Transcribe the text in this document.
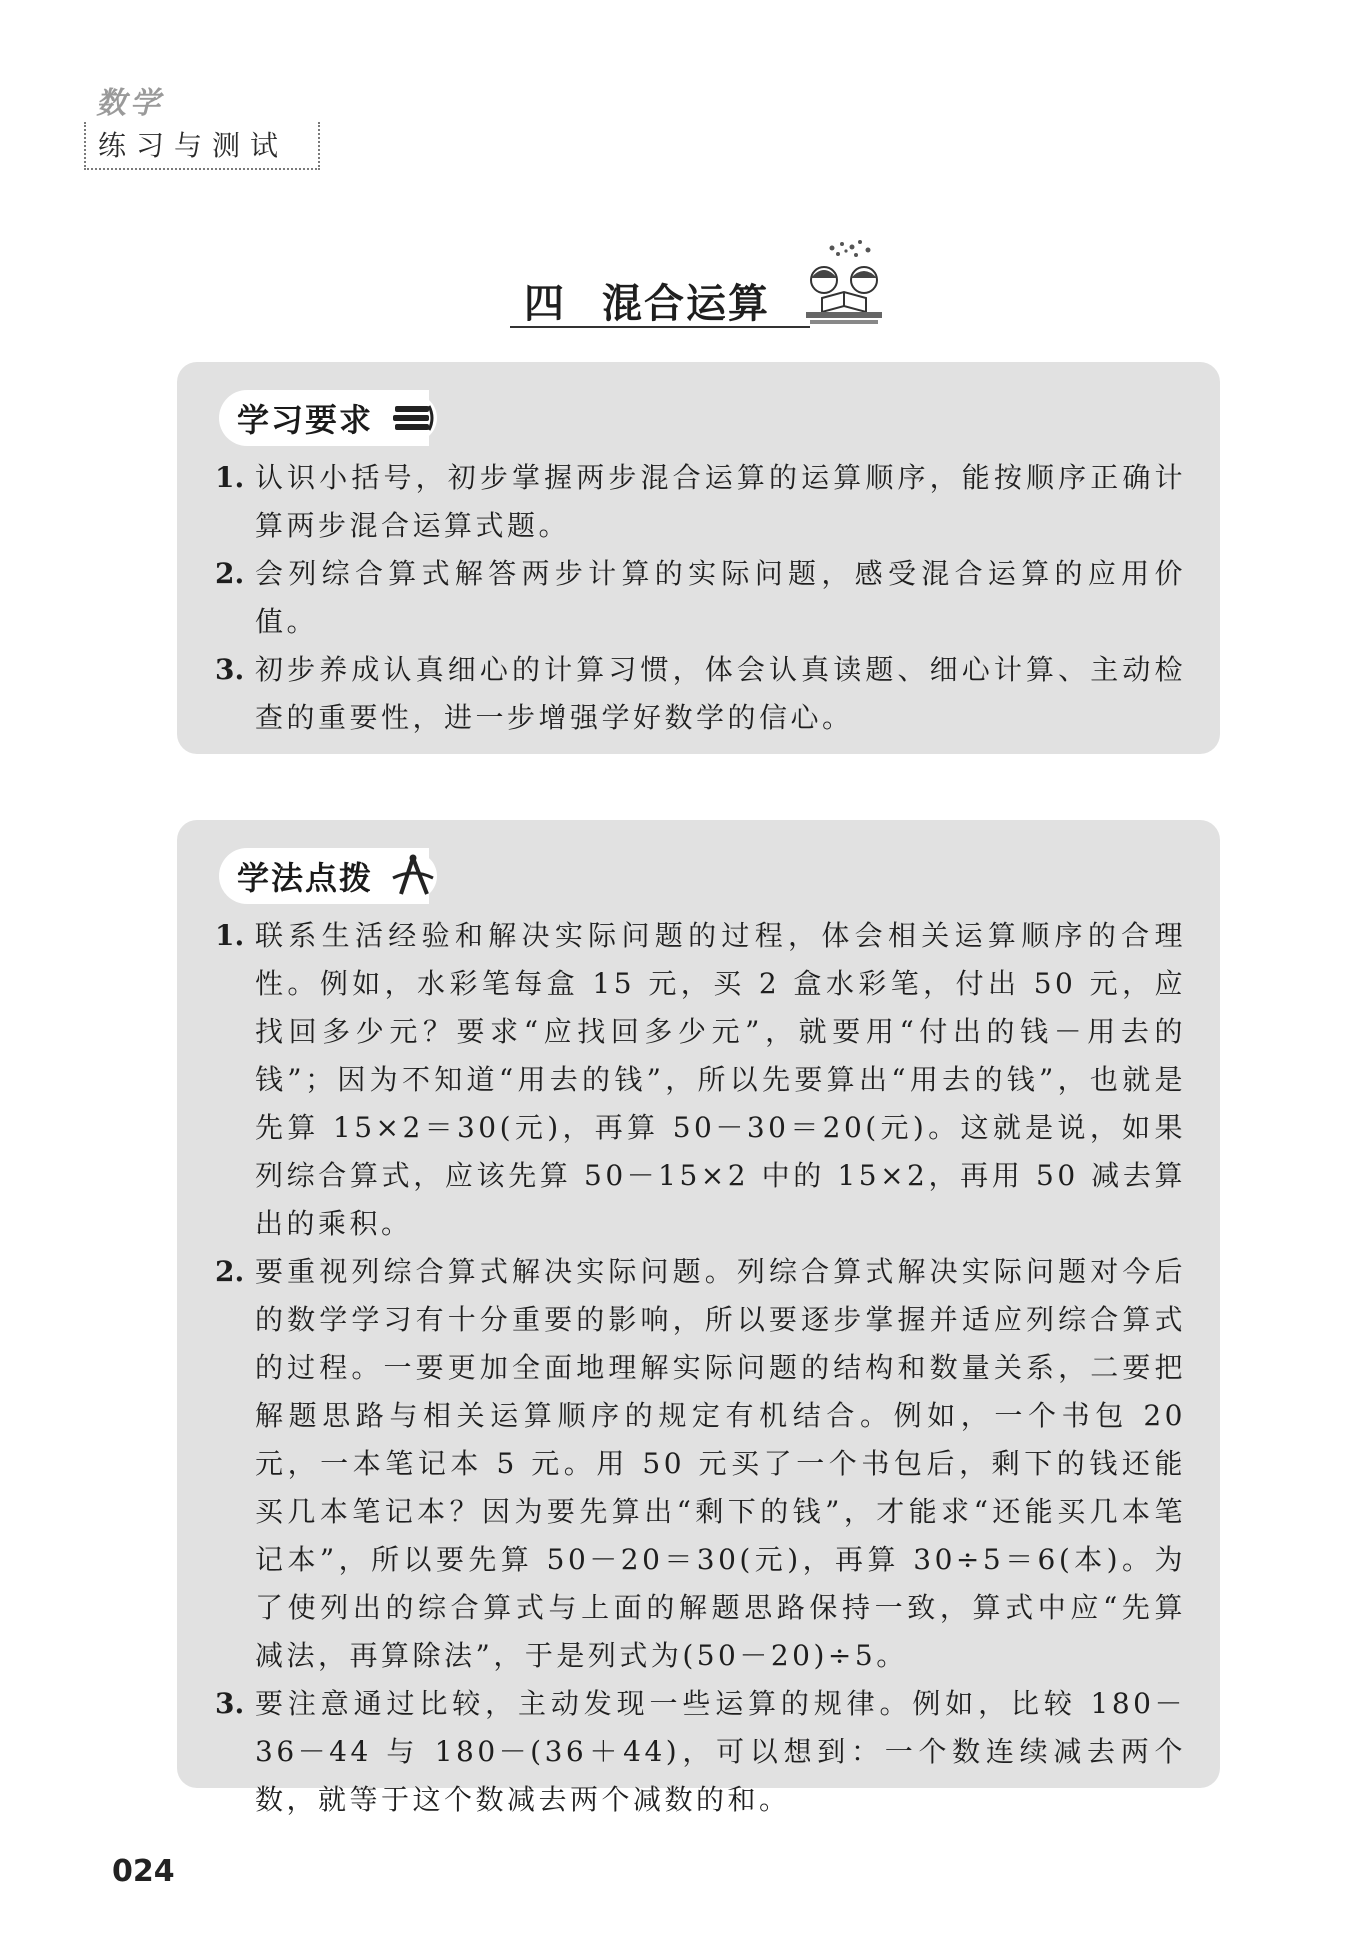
数学
练习与测试
四 混合运算
学习要求
1. 认识小括号，初步掌握两步混合运算的运算顺序，能按顺序正确计算两步混合运算式题。
2. 会列综合算式解答两步计算的实际问题，感受混合运算的应用价值。
3. 初步养成认真细心的计算习惯，体会认真读题、细心计算、主动检查的重要性，进一步增强学好数学的信心。
学法点拨
1. 联系生活经验和解决实际问题的过程，体会相关运算顺序的合理性。例如，水彩笔每盒 15 元，买 2 盒水彩笔，付出 50 元，应找回多少元？要求“应找回多少元”，就要用“付出的钱－用去的钱”；因为不知道“用去的钱”，所以先要算出“用去的钱”，也就是先算 15×2＝30(元)，再算 50－30＝20(元)。这就是说，如果列综合算式，应该先算 50－15×2 中的 15×2，再用 50 减去算出的乘积。
2. 要重视列综合算式解决实际问题。列综合算式解决实际问题对今后的数学学习有十分重要的影响，所以要逐步掌握并适应列综合算式的过程。一要更加全面地理解实际问题的结构和数量关系，二要把解题思路与相关运算顺序的规定有机结合。例如，一个书包 20 元，一本笔记本 5 元。用 50 元买了一个书包后，剩下的钱还能买几本笔记本？因为要先算出“剩下的钱”，才能求“还能买几本笔记本”，所以要先算 50－20＝30(元)，再算 30÷5＝6(本)。为了使列出的综合算式与上面的解题思路保持一致，算式中应“先算减法，再算除法”，于是列式为(50－20)÷5。
3. 要注意通过比较，主动发现一些运算的规律。例如，比较 180－36－44 与 180－(36＋44)，可以想到：一个数连续减去两个数，就等于这个数减去两个减数的和。
024
